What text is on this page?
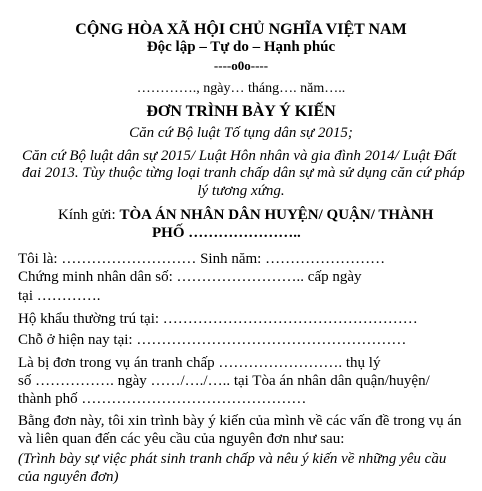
CỘNG HÒA XÃ HỘI CHỦ NGHĨA VIỆT NAM
Độc lập – Tự do – Hạnh phúc
----o0o----
…………., ngày… tháng…. năm…..
ĐƠN TRÌNH BÀY Ý KIẾN
Căn cứ Bộ luật Tố tụng dân sự 2015;
Căn cứ Bộ luật dân sự 2015/ Luật Hôn nhân và gia đình 2014/ Luật Đất
đai 2013. Tùy thuộc từng loại tranh chấp dân sự mà sử dụng căn cứ pháp
lý tương xứng.
Kính gửi: TÒA ÁN NHÂN DÂN HUYỆN/ QUẬN/ THÀNH
PHỐ …………………..
Tôi là: ……………………… Sinh năm: ……………………
Chứng minh nhân dân số: …………………….. cấp ngày
tại ………….
Hộ khẩu thường trú tại: ……………………………………………
Chỗ ở hiện nay tại: ………………………………………………
Là bị đơn trong vụ án tranh chấp ……………………. thụ lý
số ……………. ngày ……/…./….. tại Tòa án nhân dân quận/huyện/
thành phố ………………………………………
Bằng đơn này, tôi xin trình bày ý kiến của mình về các vấn đề trong vụ án
và liên quan đến các yêu cầu của nguyên đơn như sau:
(Trình bày sự việc phát sinh tranh chấp và nêu ý kiến về những yêu cầu
của nguyên đơn)
